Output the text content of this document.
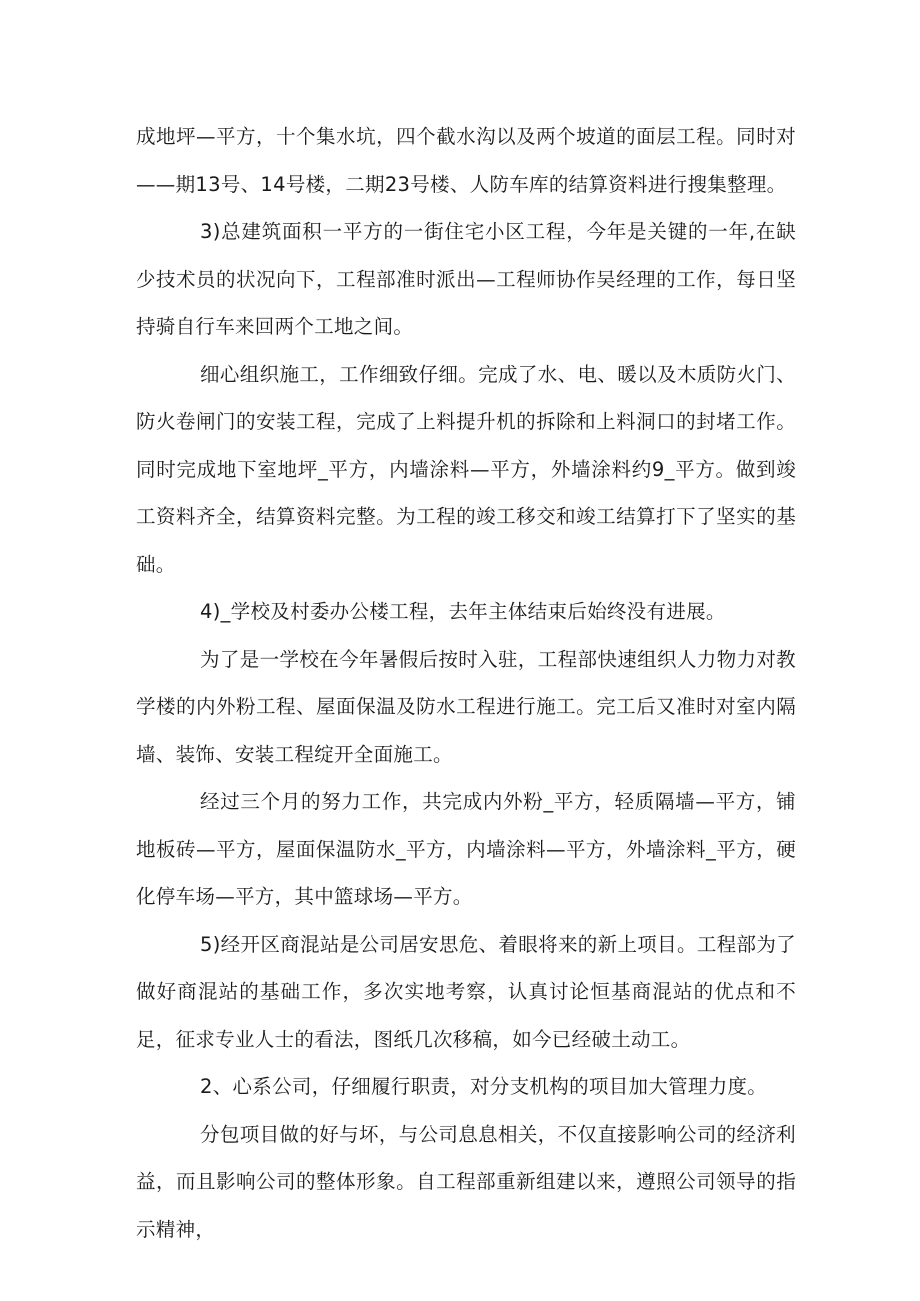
成地坪—平方，十个集水坑，四个截水沟以及两个坡道的面层工程。同时对——期13号、14号楼，二期23号楼、人防车库的结算资料进行搜集整理。

3)总建筑面积一平方的一街住宅小区工程，今年是关键的一年,在缺少技术员的状况向下，工程部准时派出—工程师协作吴经理的工作，每日坚持骑自行车来回两个工地之间。

细心组织施工，工作细致仔细。完成了水、电、暖以及木质防火门、防火卷闸门的安装工程，完成了上料提升机的拆除和上料洞口的封堵工作。同时完成地下室地坪_平方，内墙涂料—平方，外墙涂料约9_平方。做到竣工资料齐全，结算资料完整。为工程的竣工移交和竣工结算打下了坚实的基础。

4)_学校及村委办公楼工程，去年主体结束后始终没有进展。

为了是一学校在今年暑假后按时入驻，工程部快速组织人力物力对教学楼的内外粉工程、屋面保温及防水工程进行施工。完工后又准时对室内隔墙、装饰、安装工程绽开全面施工。

经过三个月的努力工作，共完成内外粉_平方，轻质隔墙—平方，铺地板砖—平方，屋面保温防水_平方，内墙涂料—平方，外墙涂料_平方，硬化停车场—平方，其中篮球场—平方。

5)经开区商混站是公司居安思危、着眼将来的新上项目。工程部为了做好商混站的基础工作，多次实地考察，认真讨论恒基商混站的优点和不足，征求专业人士的看法，图纸几次移稿，如今已经破土动工。

2、心系公司，仔细履行职责，对分支机构的项目加大管理力度。

分包项目做的好与坏，与公司息息相关，不仅直接影响公司的经济利益，而且影响公司的整体形象。自工程部重新组建以来，遵照公司领导的指示精神，
